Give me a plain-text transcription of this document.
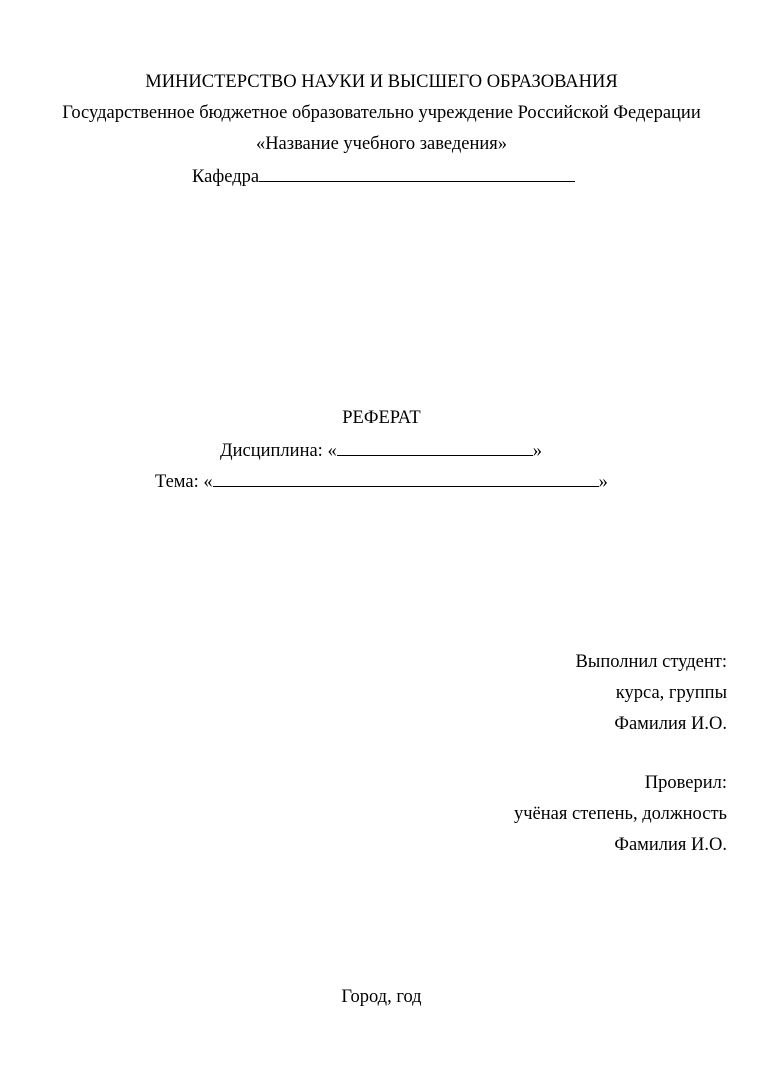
МИНИСТЕРСТВО НАУКИ И ВЫСШЕГО ОБРАЗОВАНИЯ
Государственное бюджетное образовательно учреждение Российской Федерации
«Название учебного заведения»
Кафедра
РЕФЕРАТ
Дисциплина: «	»
Тема: «	»
Выполнил студент:
курса, группы
Фамилия И.О.
Проверил:
учёная степень, должность
Фамилия И.О.
Город, год
